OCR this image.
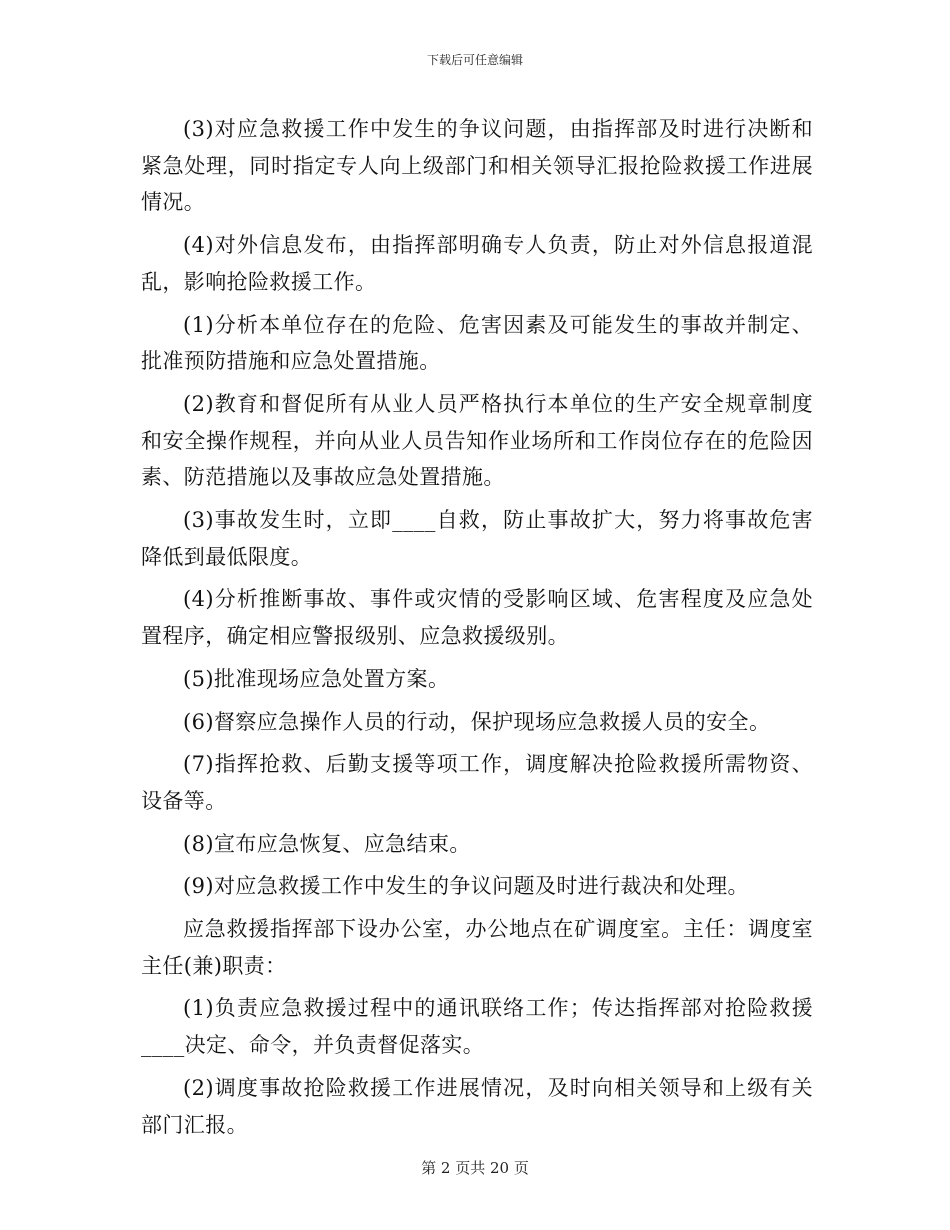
下载后可任意编辑

(3)对应急救援工作中发生的争议问题，由指挥部及时进行决断和紧急处理，同时指定专人向上级部门和相关领导汇报抢险救援工作进展情况。

(4)对外信息发布，由指挥部明确专人负责，防止对外信息报道混乱，影响抢险救援工作。

(1)分析本单位存在的危险、危害因素及可能发生的事故并制定、批准预防措施和应急处置措施。

(2)教育和督促所有从业人员严格执行本单位的生产安全规章制度和安全操作规程，并向从业人员告知作业场所和工作岗位存在的危险因素、防范措施以及事故应急处置措施。

(3)事故发生时，立即____自救，防止事故扩大，努力将事故危害降低到最低限度。

(4)分析推断事故、事件或灾情的受影响区域、危害程度及应急处置程序，确定相应警报级别、应急救援级别。

(5)批准现场应急处置方案。

(6)督察应急操作人员的行动，保护现场应急救援人员的安全。

(7)指挥抢救、后勤支援等项工作，调度解决抢险救援所需物资、设备等。

(8)宣布应急恢复、应急结束。

(9)对应急救援工作中发生的争议问题及时进行裁决和处理。

应急救援指挥部下设办公室，办公地点在矿调度室。主任：调度室主任(兼)职责：

(1)负责应急救援过程中的通讯联络工作；传达指挥部对抢险救援____决定、命令，并负责督促落实。

(2)调度事故抢险救援工作进展情况，及时向相关领导和上级有关部门汇报。

第 2 页共 20 页
